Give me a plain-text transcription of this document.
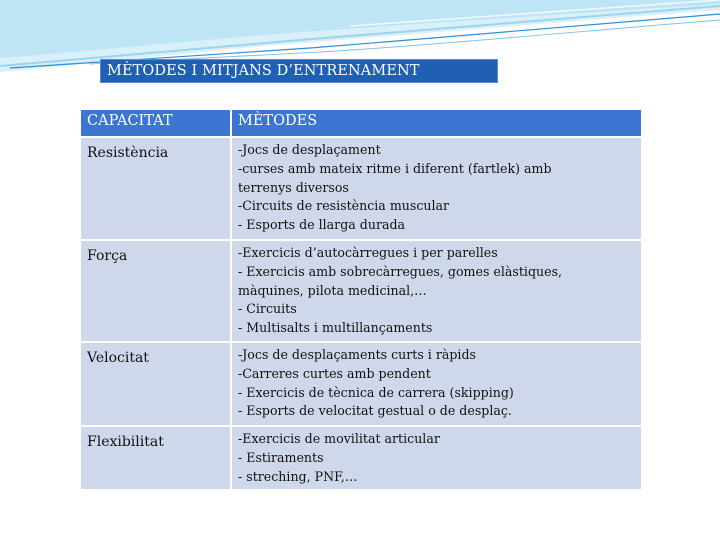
MÈTODES I MITJANS D’ENTRENAMENT
CAPACITAT	MÈTODES
Resistència	-Jocs de desplaçament
-curses amb mateix ritme i diferent (fartlek) amb
terrenys diversos
-Circuits de resistència muscular
- Esports de llarga durada

Força	-Exercicis d’autocàrregues i per parelles
- Exercicis amb sobrecàrregues, gomes elàstiques,
màquines, pilota medicinal,…
- Circuits
- Multisalts i multillançaments

Velocitat	-Jocs de desplaçaments curts i ràpids
-Carreres curtes amb pendent
- Exercicis de tècnica de carrera (skipping)
- Esports de velocitat gestual o de desplaç.

Flexibilitat	-Exercicis de movilitat articular
- Estiraments
- streching, PNF,…
